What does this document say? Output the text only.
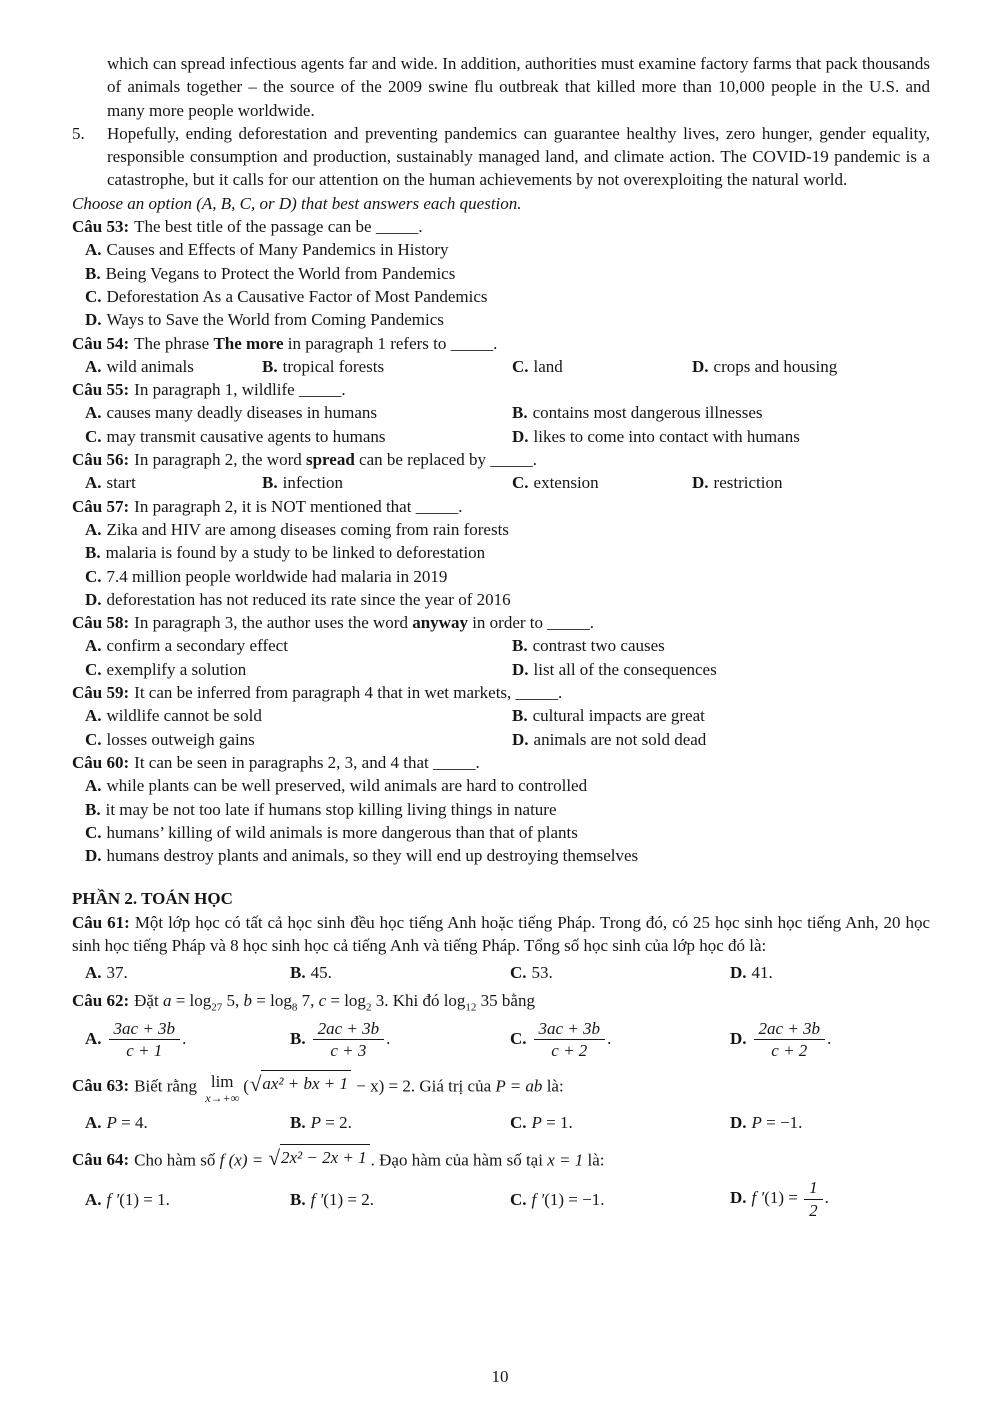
which can spread infectious agents far and wide. In addition, authorities must examine factory farms that pack thousands of animals together – the source of the 2009 swine flu outbreak that killed more than 10,000 people in the U.S. and many more people worldwide.

5.	Hopefully, ending deforestation and preventing pandemics can guarantee healthy lives, zero hunger, gender equality, responsible consumption and production, sustainably managed land, and climate action. The COVID-19 pandemic is a catastrophe, but it calls for our attention on the human achievements by not overexploiting the natural world.

Choose an option (A, B, C, or D) that best answers each question.

Câu 53: The best title of the passage can be _____.

A. Causes and Effects of Many Pandemics in History

B. Being Vegans to Protect the World from Pandemics

C. Deforestation As a Causative Factor of Most Pandemics

D. Ways to Save the World from Coming Pandemics

Câu 54: The phrase The more in paragraph 1 refers to _____.

A. wild animals	B. tropical forests	C. land	D. crops and housing

Câu 55: In paragraph 1, wildlife _____.

A. causes many deadly diseases in humans	B. contains most dangerous illnesses
C. may transmit causative agents to humans	D. likes to come into contact with humans

Câu 56: In paragraph 2, the word spread can be replaced by _____.

A. start	B. infection	C. extension	D. restriction

Câu 57: In paragraph 2, it is NOT mentioned that _____.

A. Zika and HIV are among diseases coming from rain forests

B. malaria is found by a study to be linked to deforestation

C. 7.4 million people worldwide had malaria in 2019

D. deforestation has not reduced its rate since the year of 2016

Câu 58: In paragraph 3, the author uses the word anyway in order to _____.

A. confirm a secondary effect	B. contrast two causes
C. exemplify a solution	D. list all of the consequences

Câu 59: It can be inferred from paragraph 4 that in wet markets, _____.

A. wildlife cannot be sold	B. cultural impacts are great
C. losses outweigh gains	D. animals are not sold dead

Câu 60: It can be seen in paragraphs 2, 3, and 4 that _____.

A. while plants can be well preserved, wild animals are hard to controlled

B. it may be not too late if humans stop killing living things in nature

C. humans’ killing of wild animals is more dangerous than that of plants

D. humans destroy plants and animals, so they will end up destroying themselves

PHẦN 2. TOÁN HỌC

Câu 61: Một lớp học có tất cả học sinh đều học tiếng Anh hoặc tiếng Pháp. Trong đó, có 25 học sinh học tiếng Anh, 20 học sinh học tiếng Pháp và 8 học sinh học cả tiếng Anh và tiếng Pháp. Tổng số học sinh của lớp học đó là:

A. 37.	B. 45.	C. 53.	D. 41.

Câu 62: Đặt $a = \log_{27} 5$, $b = \log_8 7$, $c = \log_2 3$. Khi đó $\log_{12} 35$ bằng

A. $\frac{3ac + 3b}{c + 1}$ .	B. $\frac{2ac + 3b}{c + 3}$ .	C. $\frac{3ac + 3b}{c + 2}$ .	D. $\frac{2ac + 3b}{c + 2}$ .

Câu 63: Biết rằng lim
x→+∞
( √ ax² + bx + 1 − x) = 2. Giá trị của P = ab là:

A. P = 4.	B. P = 2.	C. P = 1.	D. P = −1.

Câu 64: Cho hàm số f (x) = √ 2x² − 2x + 1 . Đạo hàm của hàm số tại x = 1 là:

A. f ′(1) = 1.	B. f ′(1) = 2.	C. f ′(1) = −1.	D. f $'(1) = \frac{1}{2}$ .

10
